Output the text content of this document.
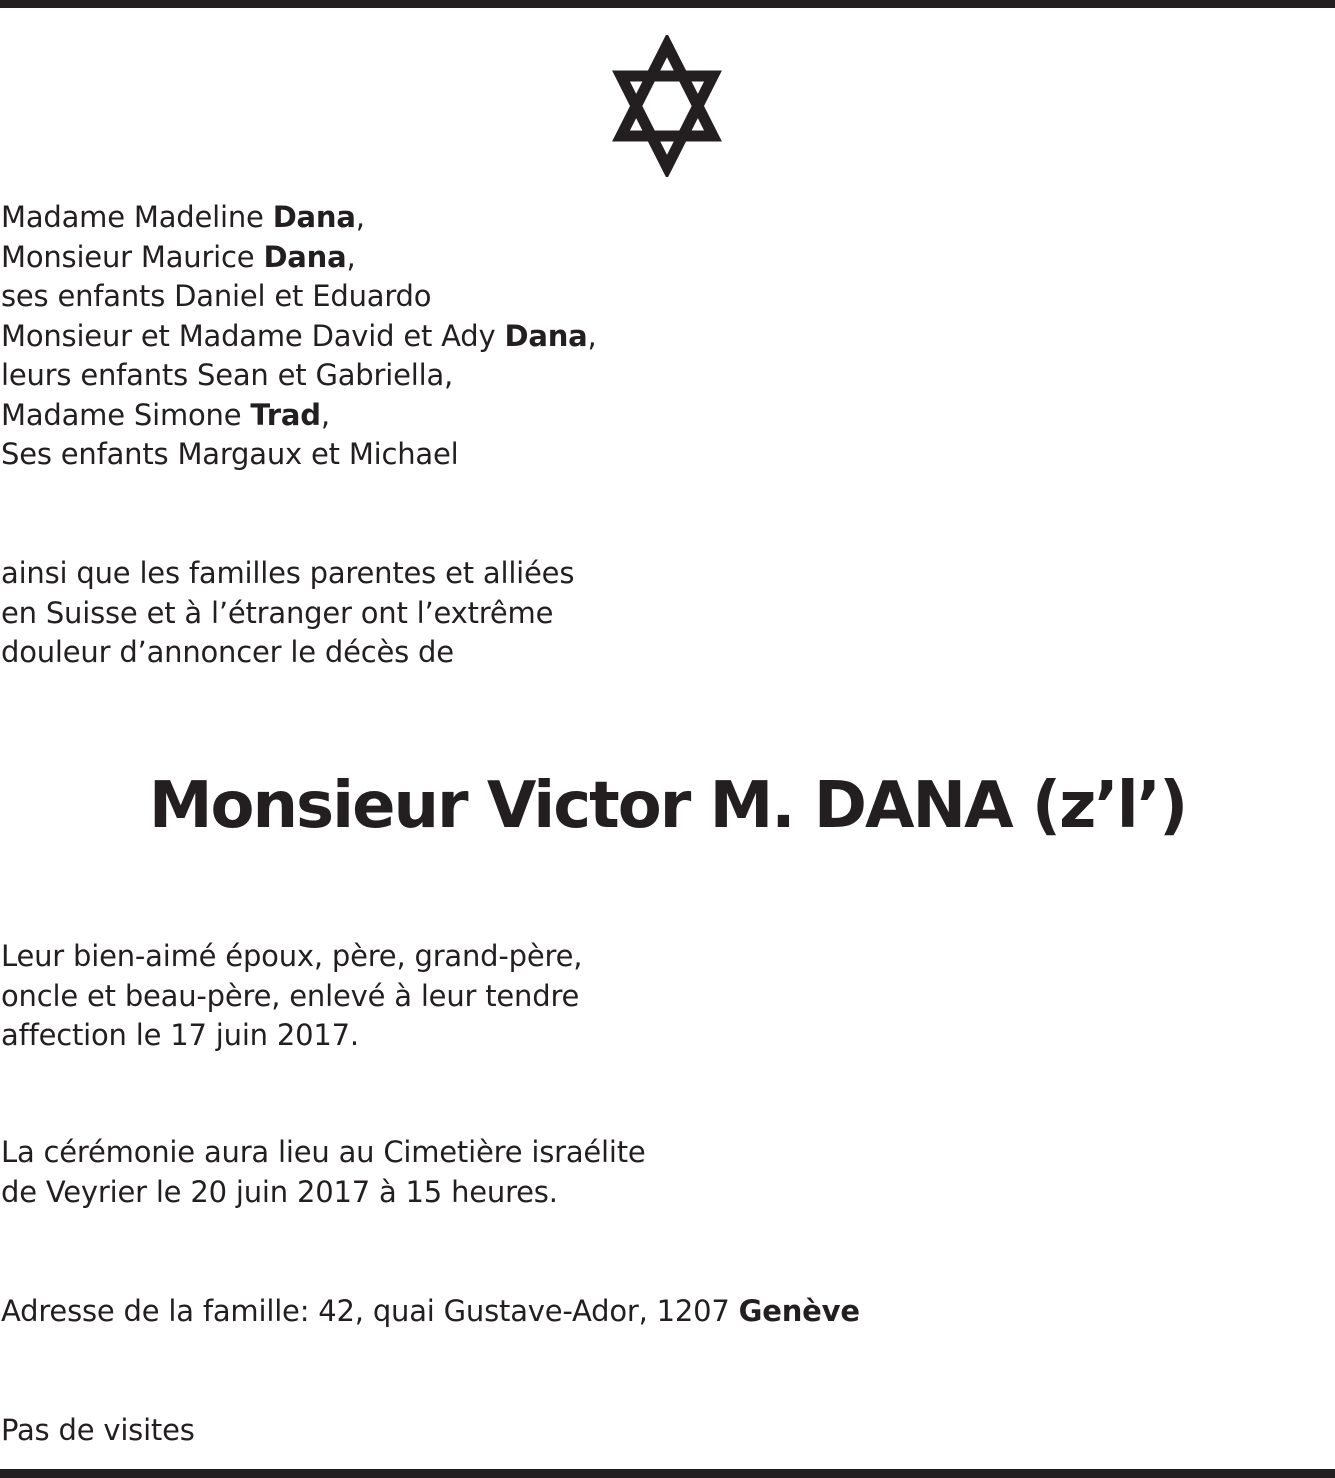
Madame Madeline Dana,
Monsieur Maurice Dana,
ses enfants Daniel et Eduardo
Monsieur et Madame David et Ady Dana,
leurs enfants Sean et Gabriella,
Madame Simone Trad,
Ses enfants Margaux et Michael
ainsi que les familles parentes et alliées
en Suisse et à l’étranger ont l’extrême
douleur d’annoncer le décès de
Monsieur Victor M. DANA (z’l’)
Leur bien-aimé époux, père, grand-père,
oncle et beau-père, enlevé à leur tendre
affection le 17 juin 2017.
La cérémonie aura lieu au Cimetière israélite
de Veyrier le 20 juin 2017 à 15 heures.
Adresse de la famille: 42, quai Gustave-Ador, 1207 Genève
Pas de visites
